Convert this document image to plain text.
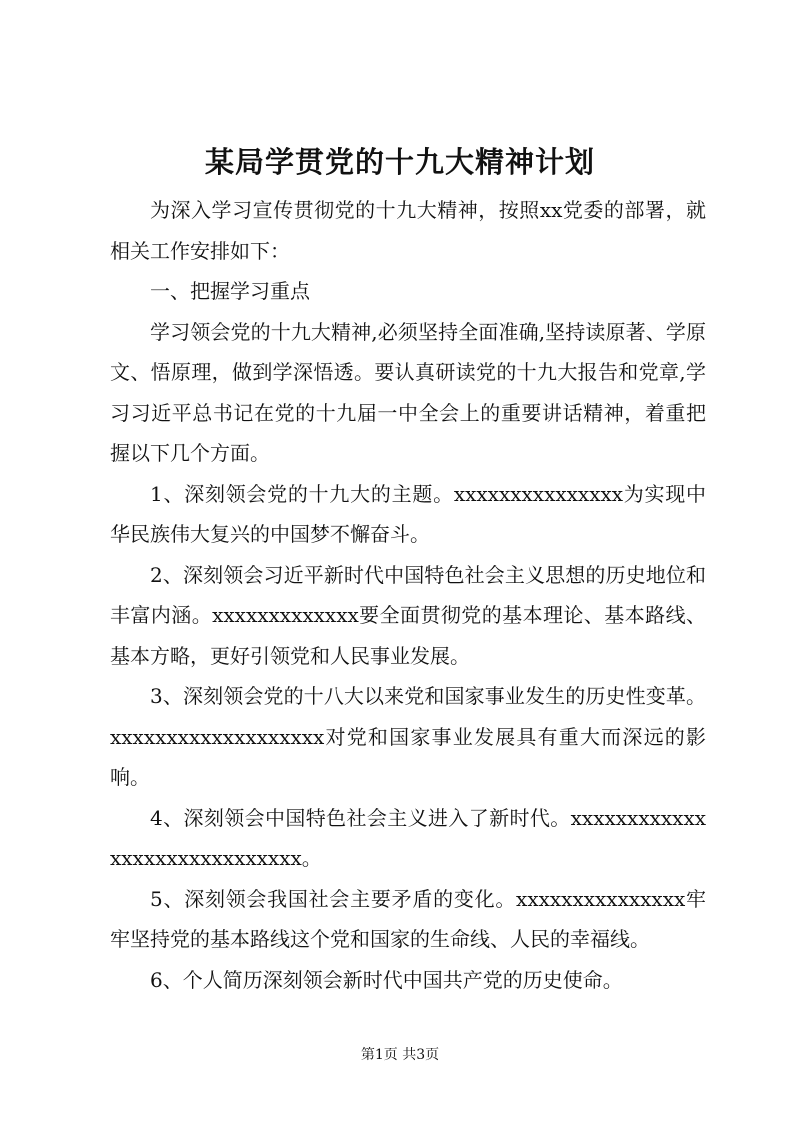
某局学贯党的十九大精神计划

为深入学习宣传贯彻党的十九大精神，按照xx党委的部署，就相关工作安排如下：

一、把握学习重点

学习领会党的十九大精神,必须坚持全面准确,坚持读原著、学原文、悟原理，做到学深悟透。要认真研读党的十九大报告和党章,学习习近平总书记在党的十九届一中全会上的重要讲话精神，着重把握以下几个方面。

1、深刻领会党的十九大的主题。xxxxxxxxxxxxxxx为实现中华民族伟大复兴的中国梦不懈奋斗。

2、深刻领会习近平新时代中国特色社会主义思想的历史地位和丰富内涵。xxxxxxxxxxxxx要全面贯彻党的基本理论、基本路线、基本方略，更好引领党和人民事业发展。

3、深刻领会党的十八大以来党和国家事业发生的历史性变革。xxxxxxxxxxxxxxxxxxx对党和国家事业发展具有重大而深远的影响。

4、深刻领会中国特色社会主义进入了新时代。xxxxxxxxxxxxxxxxxxxxxxxxxxxxx。

5、深刻领会我国社会主要矛盾的变化。xxxxxxxxxxxxxxx牢牢坚持党的基本路线这个党和国家的生命线、人民的幸福线。

6、个人简历深刻领会新时代中国共产党的历史使命。

第1页 共3页
